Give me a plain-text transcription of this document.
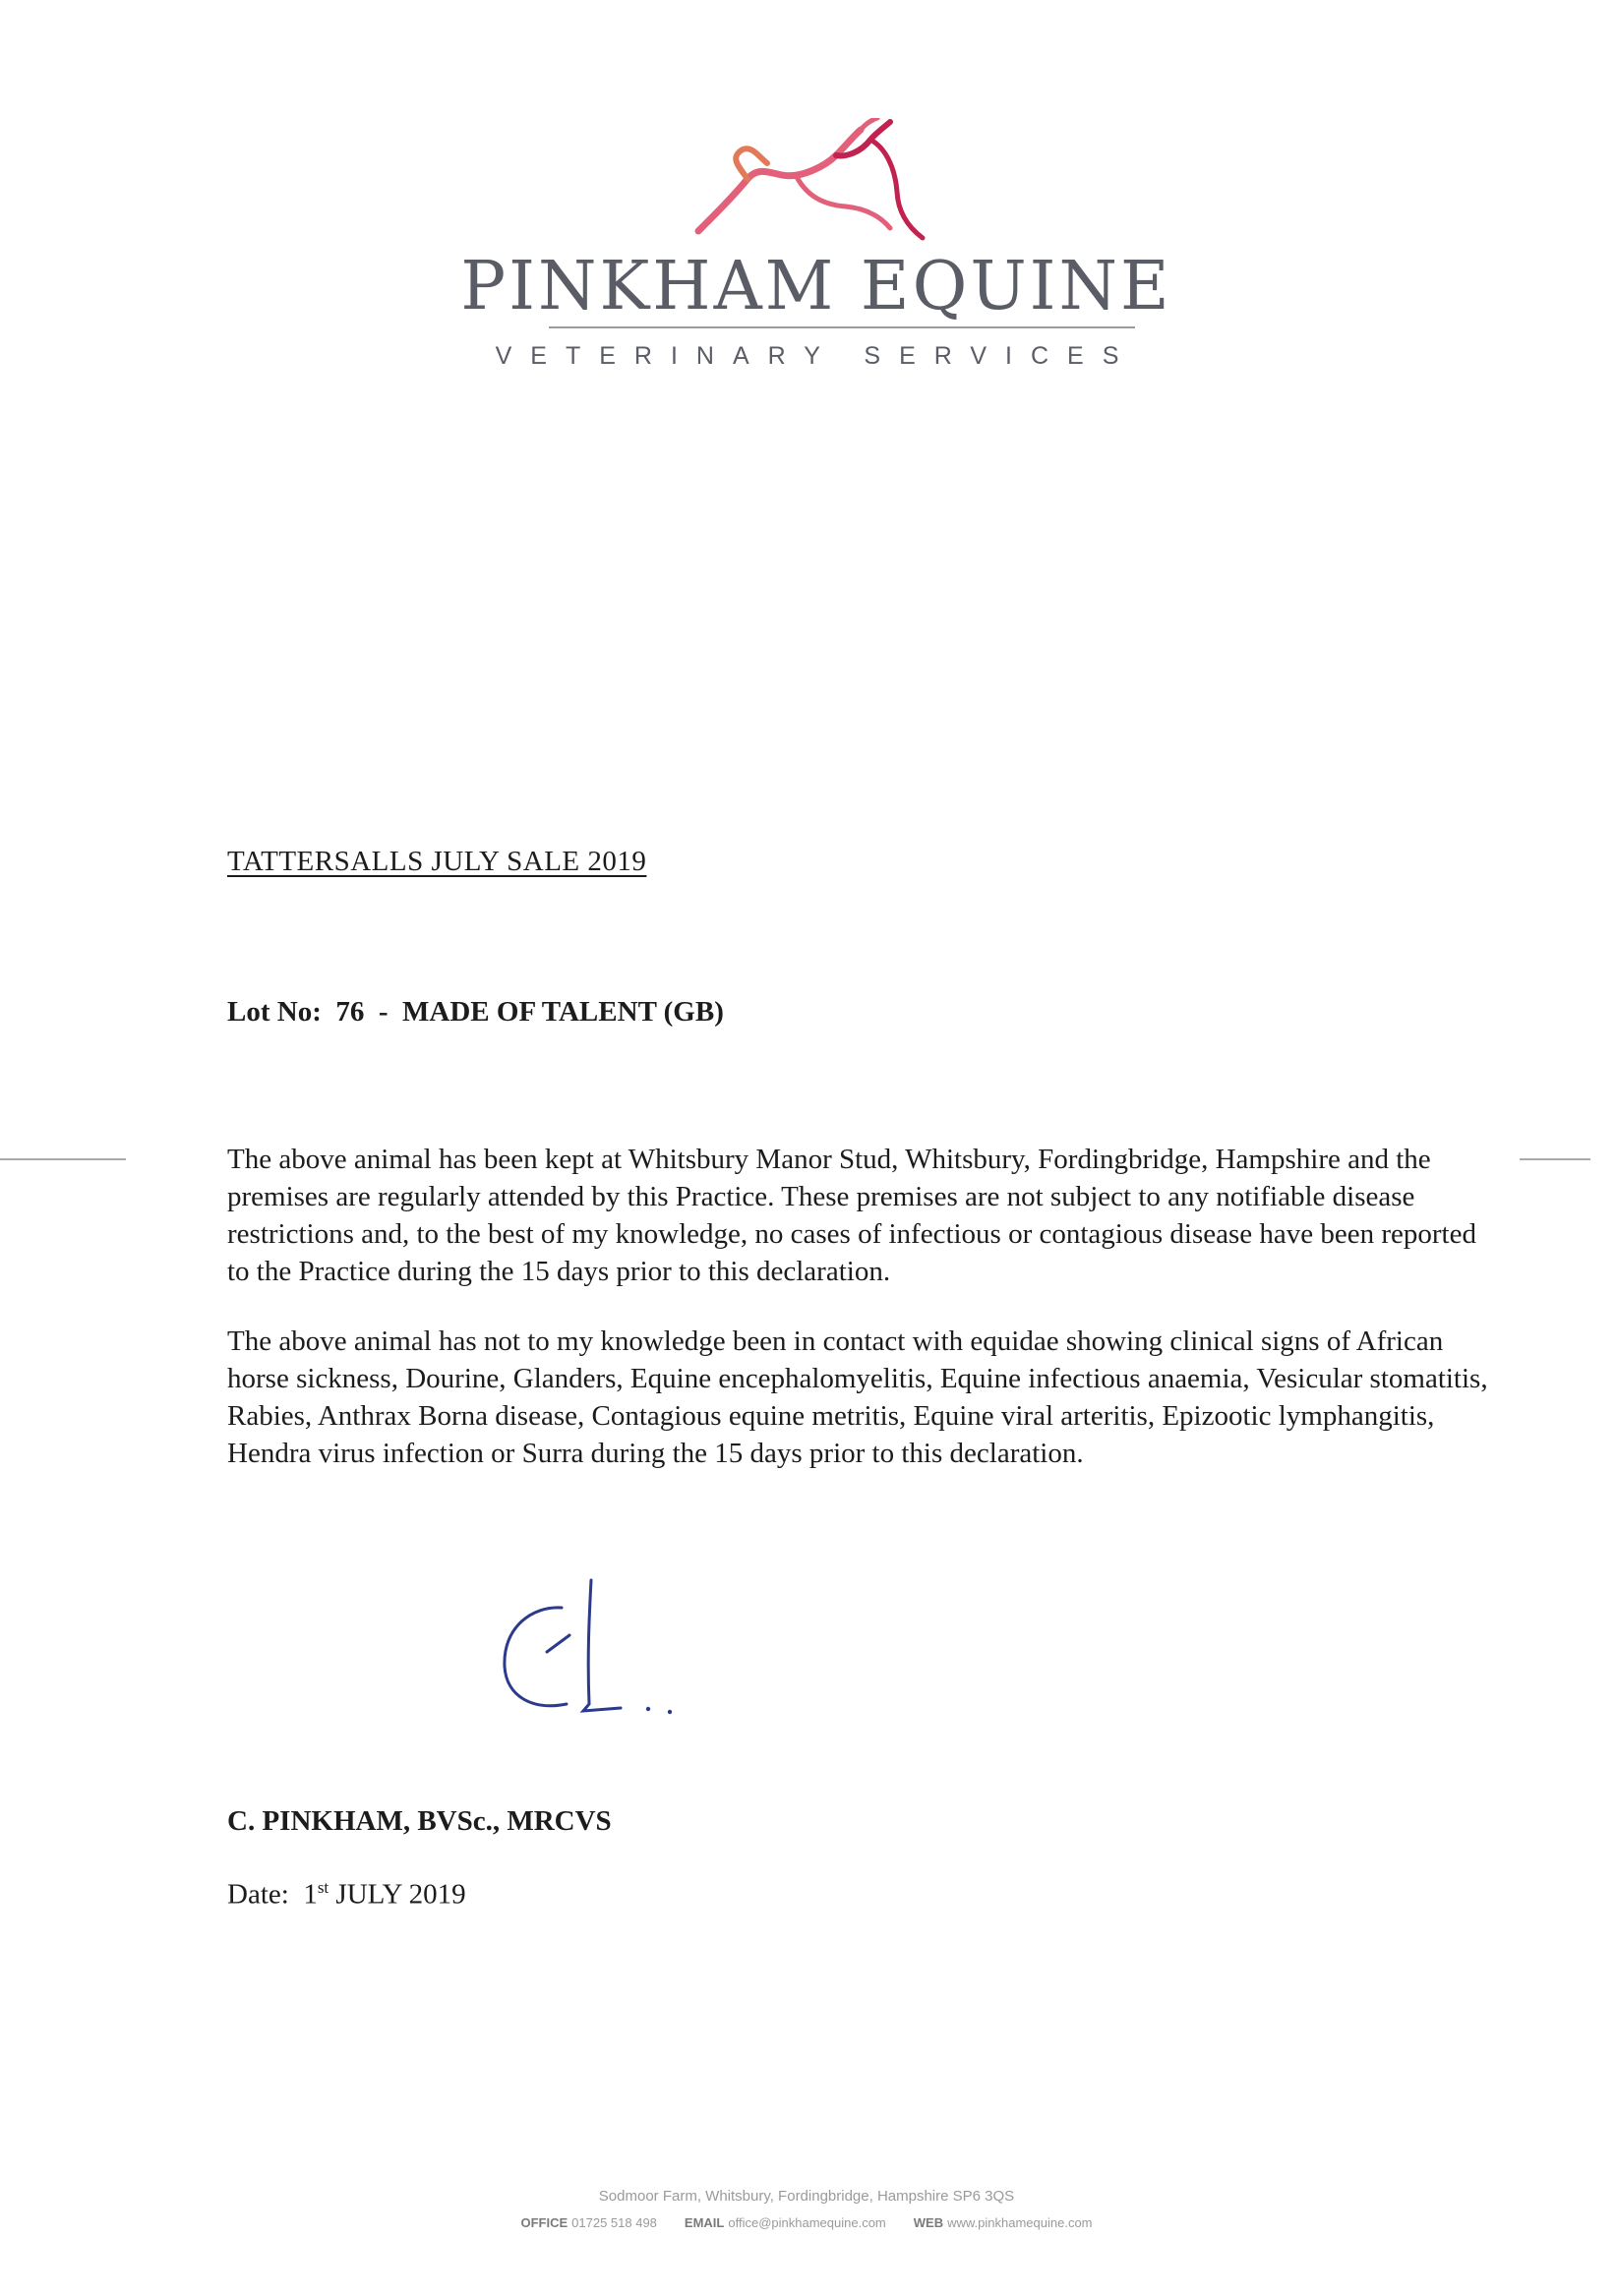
PINKHAM EQUINE
VETERINARY SERVICES
TATTERSALLS JULY SALE 2019
Lot No: 76 - MADE OF TALENT (GB)

The above animal has been kept at Whitsbury Manor Stud, Whitsbury, Fordingbridge, Hampshire and the premises are regularly attended by this Practice. These premises are not subject to any notifiable disease restrictions and, to the best of my knowledge, no cases of infectious or contagious disease have been reported to the Practice during the 15 days prior to this declaration.

The above animal has not to my knowledge been in contact with equidae showing clinical signs of African horse sickness, Dourine, Glanders, Equine encephalomyelitis, Equine infectious anaemia, Vesicular stomatitis, Rabies, Anthrax Borna disease, Contagious equine metritis, Equine viral arteritis, Epizootic lymphangitis, Hendra virus infection or Surra during the 15 days prior to this declaration.

C. PINKHAM, BVSc., MRCVS
Date: 1st JULY 2019
Sodmoor Farm, Whitsbury, Fordingbridge, Hampshire SP6 3QS
OFFICE 01725 518 498 EMAIL office@pinkhamequine.com WEB www.pinkhamequine.com
